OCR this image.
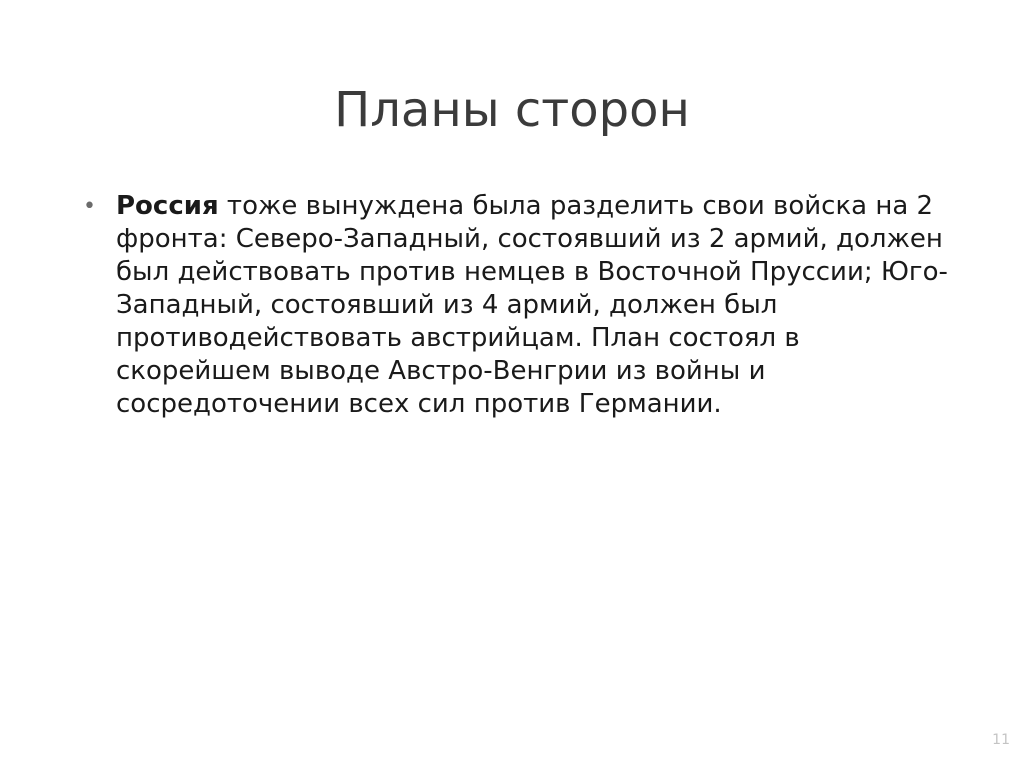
Планы сторон
• Россия тоже вынуждена была разделить свои войска на 2 фронта: Северо-Западный, состоявший из 2 армий, должен был действовать против немцев в Восточной Пруссии; Юго-Западный, состоявший из 4 армий, должен был противодействовать австрийцам. План состоял в скорейшем выводе Австро-Венгрии из войны и сосредоточении всех сил против Германии.
11
